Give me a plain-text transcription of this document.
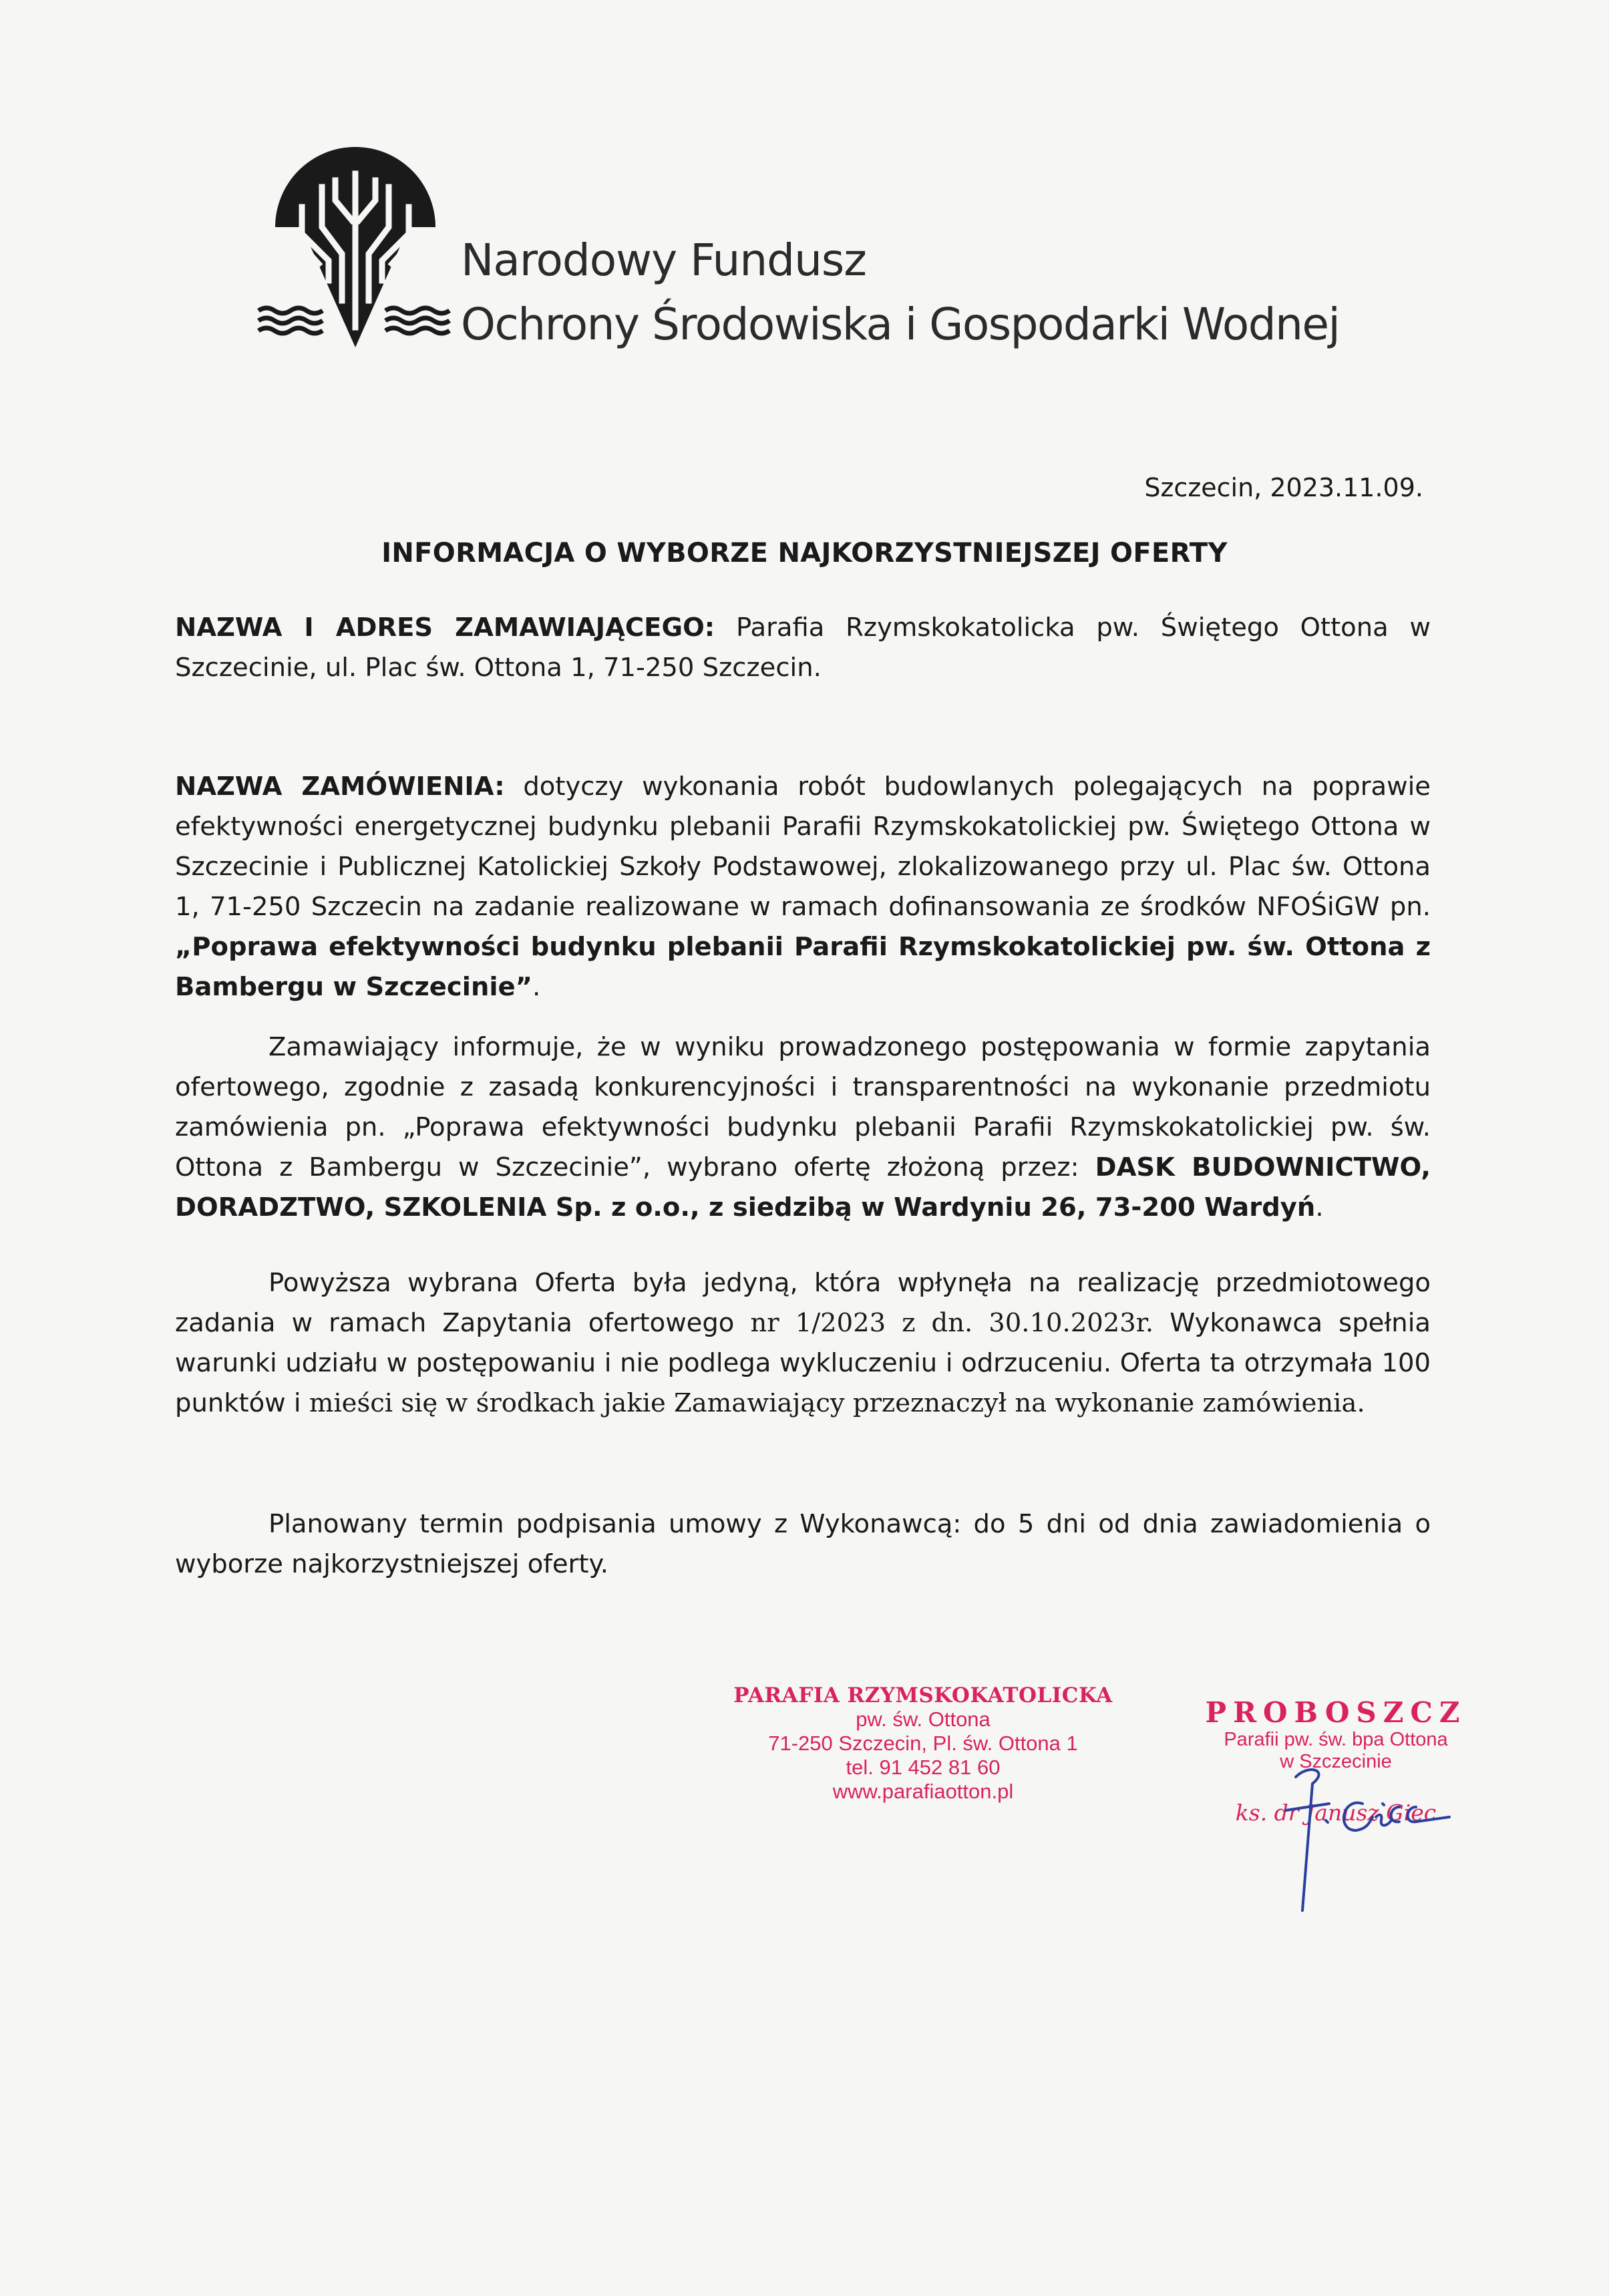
Narodowy Fundusz
Ochrony Środowiska i Gospodarki Wodnej
Szczecin, 2023.11.09.
INFORMACJA O WYBORZE NAJKORZYSTNIEJSZEJ OFERTY
NAZWA I ADRES ZAMAWIAJĄCEGO: Parafia Rzymskokatolicka pw. Świętego Ottona w Szczecinie, ul. Plac św. Ottona 1, 71-250 Szczecin.
NAZWA ZAMÓWIENIA: dotyczy wykonania robót budowlanych polegających na poprawie efektywności energetycznej budynku plebanii Parafii Rzymskokatolickiej pw. Świętego Ottona w Szczecinie i Publicznej Katolickiej Szkoły Podstawowej, zlokalizowanego przy ul. Plac św. Ottona 1, 71-250 Szczecin na zadanie realizowane w ramach dofinansowania ze środków NFOŚiGW pn. „Poprawa efektywności budynku plebanii Parafii Rzymskokatolickiej pw. św. Ottona z Bambergu w Szczecinie”.
Zamawiający informuje, że w wyniku prowadzonego postępowania w formie zapytania ofertowego, zgodnie z zasadą konkurencyjności i transparentności na wykonanie przedmiotu zamówienia pn. „Poprawa efektywności budynku plebanii Parafii Rzymskokatolickiej pw. św. Ottona z Bambergu w Szczecinie”, wybrano ofertę złożoną przez: DASK BUDOWNICTWO, DORADZTWO, SZKOLENIA Sp. z o.o., z siedzibą w Wardyniu 26, 73-200 Wardyń.
Powyższa wybrana Oferta była jedyną, która wpłynęła na realizację przedmiotowego zadania w ramach Zapytania ofertowego nr 1/2023 z dn. 30.10.2023r. Wykonawca spełnia warunki udziału w postępowaniu i nie podlega wykluczeniu i odrzuceniu. Oferta ta otrzymała 100 punktów i mieści się w środkach jakie Zamawiający przeznaczył na wykonanie zamówienia.
Planowany termin podpisania umowy z Wykonawcą: do 5 dni od dnia zawiadomienia o wyborze najkorzystniejszej oferty.
PARAFIA RZYMSKOKATOLICKA
pw. św. Ottona
71-250 Szczecin, Pl. św. Ottona 1
tel. 91 452 81 60
www.parafiaotton.pl
PROBOSZCZ
Parafii pw. św. bpa Ottona
w Szczecinie
ks. dr Janusz Giec
